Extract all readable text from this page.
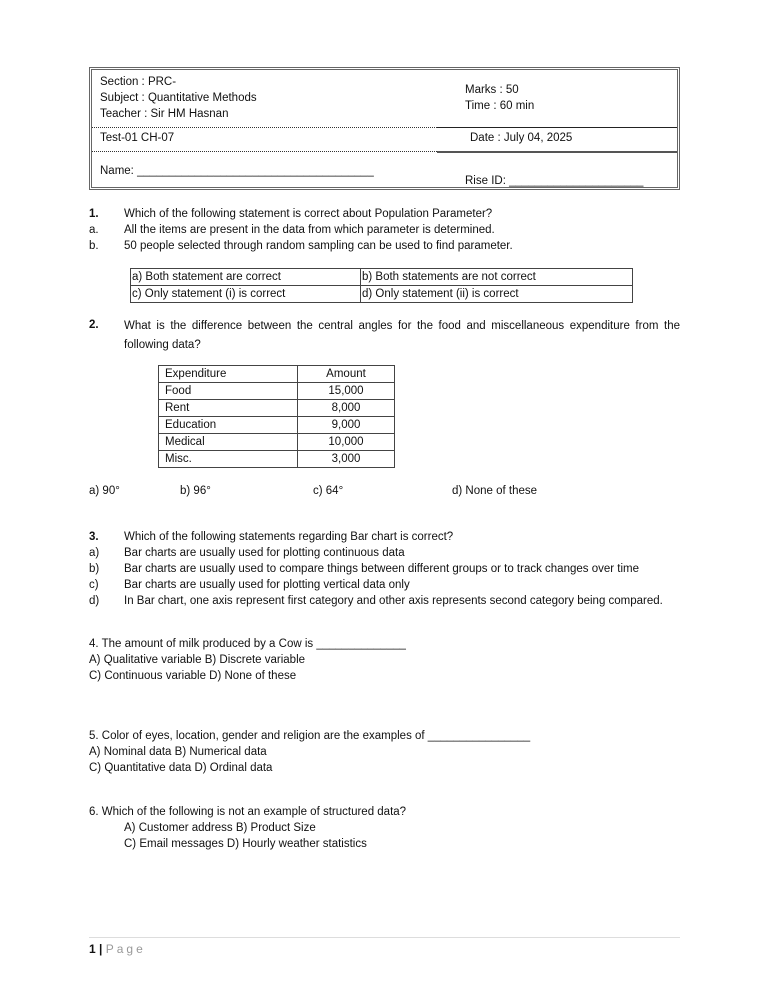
Section : PRC-
Subject : Quantitative Methods
Teacher : Sir HM Hasnan
Marks : 50
Time : 60 min
Test-01 CH-07	Date : July 04, 2025
Name: _____________________________________
Rise ID: _____________________
1. Which of the following statement is correct about Population Parameter?
a. All the items are present in the data from which parameter is determined.
b. 50 people selected through random sampling can be used to find parameter.
a) Both statement are correct	b) Both statements are not correct
c) Only statement (i) is correct	d) Only statement (ii) is correct
2.	What is the difference between the central angles for the food and miscellaneous expenditure from the following data?
Expenditure	Amount
Food	15,000
Rent	8,000
Education	9,000
Medical	10,000
Misc.	3,000
a) 90°	b) 96°	c) 64°	d) None of these
3. Which of the following statements regarding Bar chart is correct?
a) Bar charts are usually used for plotting continuous data
b) Bar charts are usually used to compare things between different groups or to track changes over time
c) Bar charts are usually used for plotting vertical data only
d) In Bar chart, one axis represent first category and other axis represents second category being compared.
4. The amount of milk produced by a Cow is ______________
A) Qualitative variable B) Discrete variable
C) Continuous variable D) None of these
5. Color of eyes, location, gender and religion are the examples of ________________
A) Nominal data B) Numerical data
C) Quantitative data D) Ordinal data
6. Which of the following is not an example of structured data?
A) Customer address B) Product Size
C) Email messages D) Hourly weather statistics
1 | Page
